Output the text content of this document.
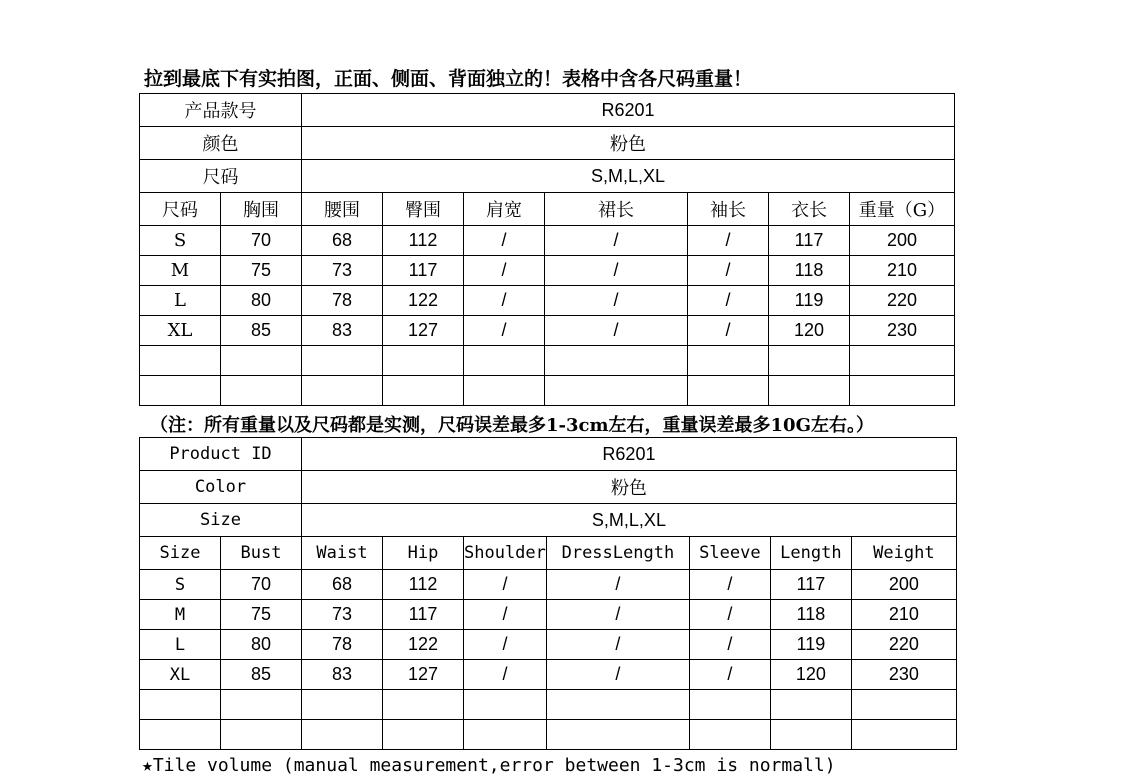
拉到最底下有实拍图，正面、侧面、背面独立的！表格中含各尺码重量！
产品款号		R6201						
颜色		粉色						
尺码		S,M,L,XL						
尺码	胸围	腰围	臀围	肩宽	裙长	袖长	衣长	重量（G）
S	70	68	112	/	/	/	117	200
M	75	73	117	/	/	/	118	210
L	80	78	122	/	/	/	119	220
XL	85	83	127	/	/	/	120	230

（注：所有重量以及尺码都是实测，尺码误差最多1-3cm左右，重量误差最多10G左右。）
Product ID		R6201						
Color		粉色						
Size		S,M,L,XL						
Size	Bust	Waist	Hip	Shoulder	DressLength	Sleeve	Length	Weight
S	70	68	112	/	/	/	117	200
M	75	73	117	/	/	/	118	210
L	80	78	122	/	/	/	119	220
XL	85	83	127	/	/	/	120	230

★Tile volume (manual measurement,error between 1-3cm is normall)
